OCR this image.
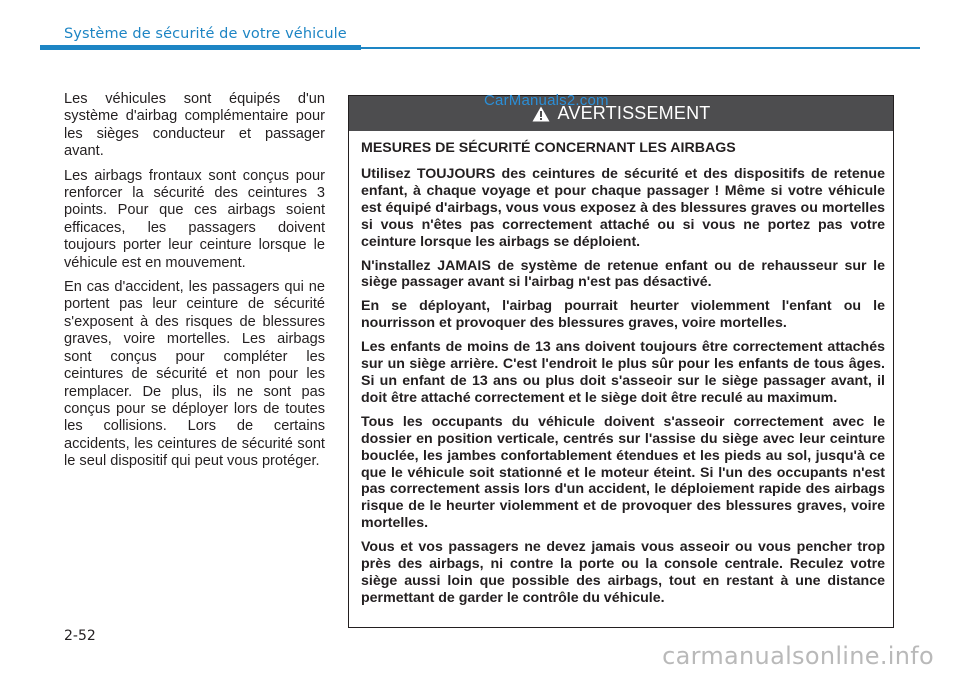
Système de sécurité de votre véhicule

Les véhicules sont équipés d'un système d'airbag complémentaire pour les sièges conducteur et passager avant.

Les airbags frontaux sont conçus pour renforcer la sécurité des ceintures 3 points. Pour que ces airbags soient efficaces, les passagers doivent toujours porter leur ceinture lorsque le véhicule est en mouvement.

En cas d'accident, les passagers qui ne portent pas leur ceinture de sécurité s'exposent à des risques de blessures graves, voire mortelles. Les airbags sont conçus pour compléter les ceintures de sécurité et non pour les remplacer. De plus, ils ne sont pas conçus pour se déployer lors de toutes les collisions. Lors de certains accidents, les ceintures de sécurité sont le seul dispositif qui peut vous protéger.

AVERTISSEMENT
MESURES DE SÉCURITÉ CONCERNANT LES AIRBAGS

Utilisez TOUJOURS des ceintures de sécurité et des dispositifs de retenue enfant, à chaque voyage et pour chaque passager ! Même si votre véhicule est équipé d'airbags, vous vous exposez à des blessures graves ou mortelles si vous n'êtes pas correctement attaché ou si vous ne portez pas votre ceinture lorsque les airbags se déploient.

N'installez JAMAIS de système de retenue enfant ou de rehausseur sur le siège passager avant si l'airbag n'est pas désactivé.

En se déployant, l'airbag pourrait heurter violemment l'enfant ou le nourrisson et provoquer des blessures graves, voire mortelles.

Les enfants de moins de 13 ans doivent toujours être correctement attachés sur un siège arrière. C'est l'endroit le plus sûr pour les enfants de tous âges. Si un enfant de 13 ans ou plus doit s'asseoir sur le siège passager avant, il doit être attaché correctement et le siège doit être reculé au maximum.

Tous les occupants du véhicule doivent s'asseoir correctement avec le dossier en position verticale, centrés sur l'assise du siège avec leur ceinture bouclée, les jambes confortablement étendues et les pieds au sol, jusqu'à ce que le véhicule soit stationné et le moteur éteint. Si l'un des occupants n'est pas correctement assis lors d'un accident, le déploiement rapide des airbags risque de le heurter violemment et de provoquer des blessures graves, voire mortelles.

Vous et vos passagers ne devez jamais vous asseoir ou vous pencher trop près des airbags, ni contre la porte ou la console centrale. Reculez votre siège aussi loin que possible des airbags, tout en restant à une distance permettant de garder le contrôle du véhicule.

CarManuals2.com
2-52
carmanualsonline.info
